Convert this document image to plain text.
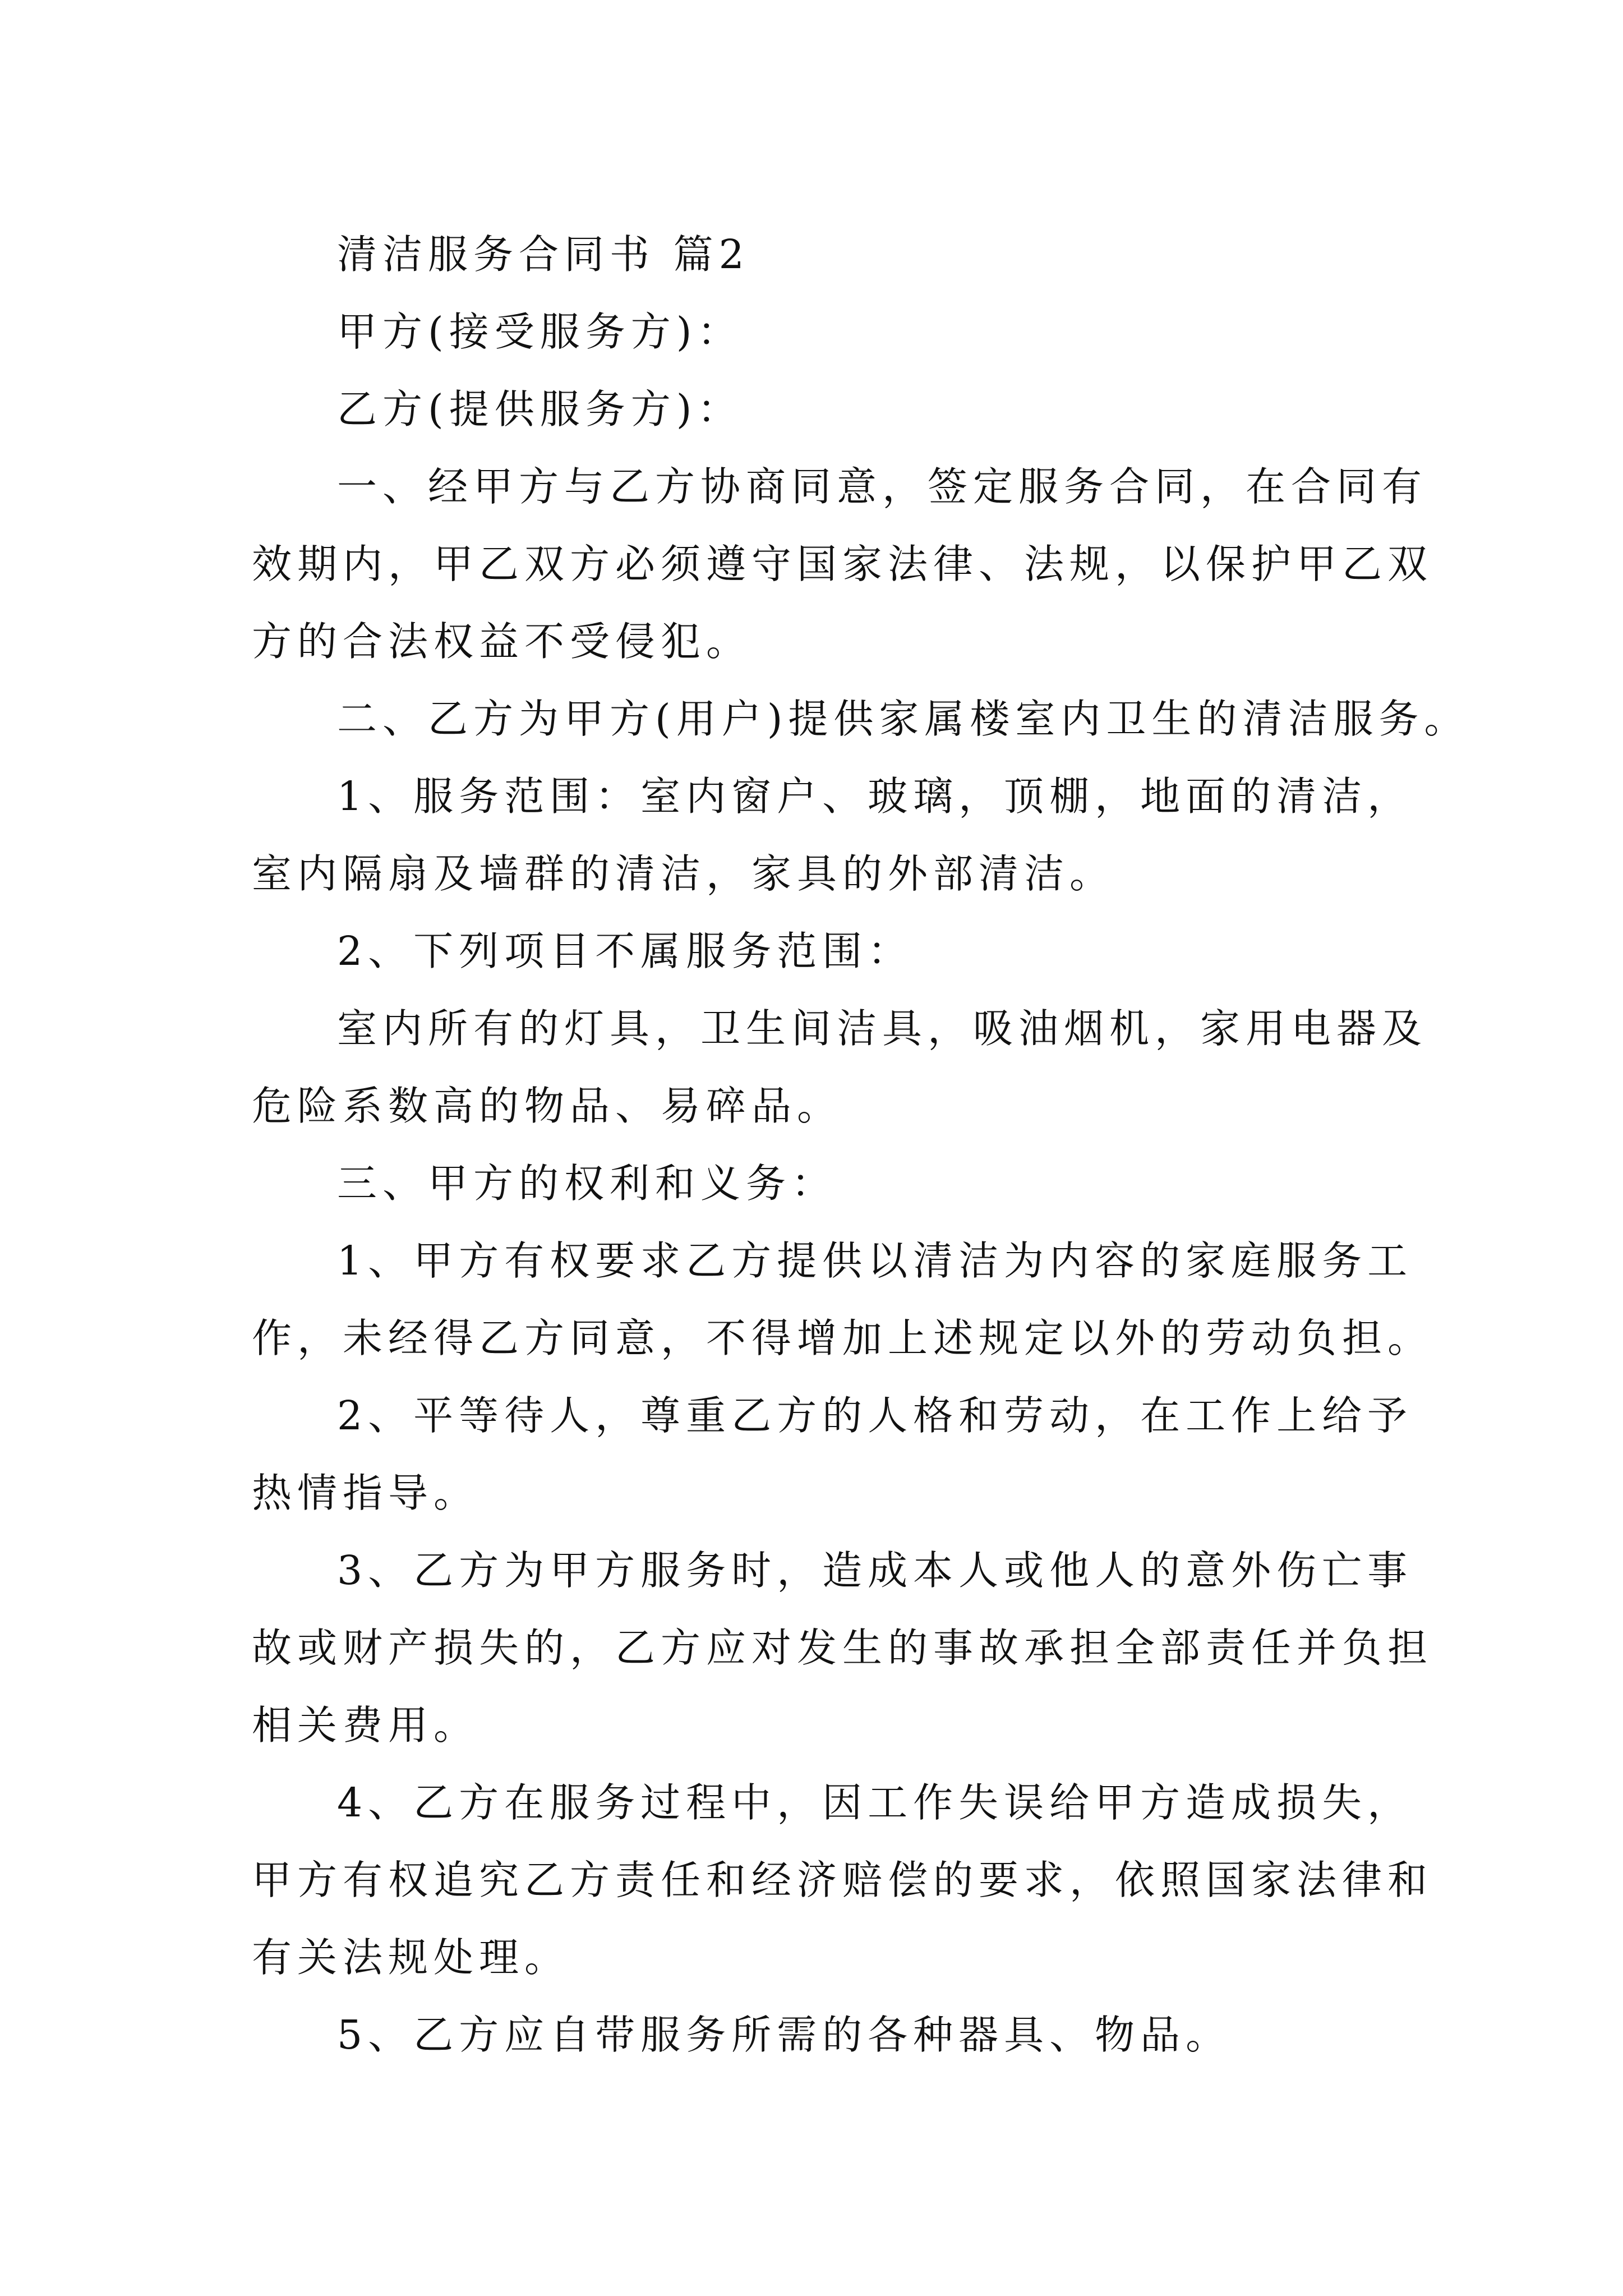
清洁服务合同书 篇2
甲方(接受服务方)：
乙方(提供服务方)：
一、经甲方与乙方协商同意，签定服务合同，在合同有
效期内，甲乙双方必须遵守国家法律、法规，以保护甲乙双
方的合法权益不受侵犯。
二、乙方为甲方(用户)提供家属楼室内卫生的清洁服务。
1、服务范围：室内窗户、玻璃，顶棚，地面的清洁，
室内隔扇及墙群的清洁，家具的外部清洁。
2、下列项目不属服务范围：
室内所有的灯具，卫生间洁具，吸油烟机，家用电器及
危险系数高的物品、易碎品。
三、甲方的权利和义务：
1、甲方有权要求乙方提供以清洁为内容的家庭服务工
作，未经得乙方同意，不得增加上述规定以外的劳动负担。
2、平等待人，尊重乙方的人格和劳动，在工作上给予
热情指导。
3、乙方为甲方服务时，造成本人或他人的意外伤亡事
故或财产损失的，乙方应对发生的事故承担全部责任并负担
相关费用。
4、乙方在服务过程中，因工作失误给甲方造成损失，
甲方有权追究乙方责任和经济赔偿的要求，依照国家法律和
有关法规处理。
5、乙方应自带服务所需的各种器具、物品。
